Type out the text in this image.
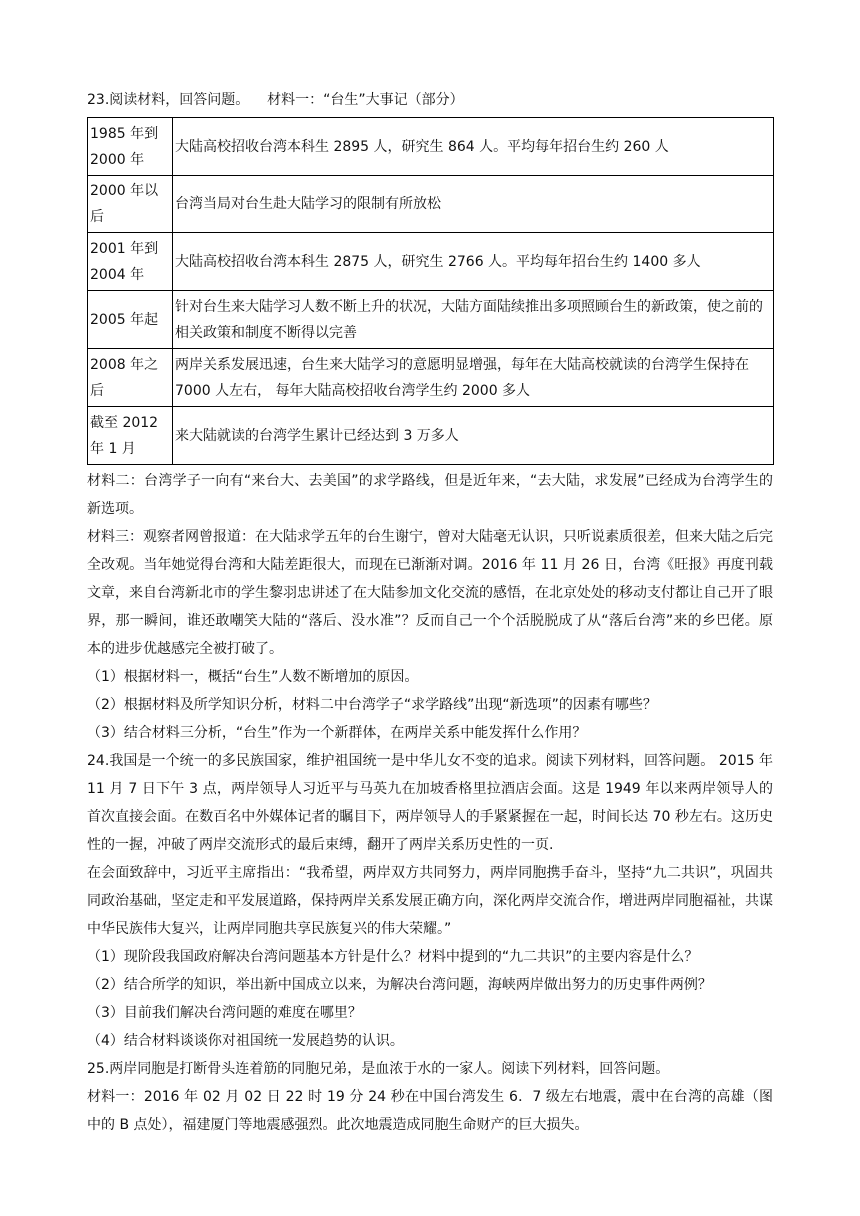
23.阅读材料，回答问题。    材料一：“台生”大事记（部分）
1985 年到 2000 年	大陆高校招收台湾本科生 2895 人，研究生 864 人。平均每年招台生约 260 人
2000 年以后	台湾当局对台生赴大陆学习的限制有所放松
2001 年到 2004 年	大陆高校招收台湾本科生 2875 人，研究生 2766 人。平均每年招台生约 1400 多人
2005 年起	针对台生来大陆学习人数不断上升的状况，大陆方面陆续推出多项照顾台生的新政策，使之前的相关政策和制度不断得以完善
2008 年之后	两岸关系发展迅速，台生来大陆学习的意愿明显增强，每年在大陆高校就读的台湾学生保持在 7000 人左右， 每年大陆高校招收台湾学生约 2000 多人
截至 2012 年 1 月	来大陆就读的台湾学生累计已经达到 3 万多人
材料二：台湾学子一向有“来台大、去美国”的求学路线，但是近年来，“去大陆，求发展”已经成为台湾学生的新选项。
材料三：观察者网曾报道：在大陆求学五年的台生谢宁，曾对大陆毫无认识，只听说素质很差，但来大陆之后完全改观。当年她觉得台湾和大陆差距很大，而现在已渐渐对调。2016 年 11 月 26 日，台湾《旺报》再度刊载文章，来自台湾新北市的学生黎羽忠讲述了在大陆参加文化交流的感悟，在北京处处的移动支付都让自己开了眼界，那一瞬间，谁还敢嘲笑大陆的“落后、没水准”？反而自己一个个活脱脱成了从“落后台湾”来的乡巴佬。原本的进步优越感完全被打破了。
（1）根据材料一，概括“台生”人数不断增加的原因。
（2）根据材料及所学知识分析，材料二中台湾学子“求学路线”出现“新选项”的因素有哪些？
（3）结合材料三分析，“台生”作为一个新群体，在两岸关系中能发挥什么作用？
24.我国是一个统一的多民族国家，维护祖国统一是中华儿女不变的追求。阅读下列材料，回答问题。 2015 年 11 月 7 日下午 3 点，两岸领导人习近平与马英九在加坡香格里拉酒店会面。这是 1949 年以来两岸领导人的首次直接会面。在数百名中外媒体记者的瞩目下，两岸领导人的手紧紧握在一起，时间长达 70 秒左右。这历史性的一握，冲破了两岸交流形式的最后束缚，翻开了两岸关系历史性的一页.
在会面致辞中，习近平主席指出：“我希望，两岸双方共同努力，两岸同胞携手奋斗，坚持“九二共识”，巩固共同政治基础，坚定走和平发展道路，保持两岸关系发展正确方向，深化两岸交流合作，增进两岸同胞福祉，共谋中华民族伟大复兴，让两岸同胞共享民族复兴的伟大荣耀。”
（1）现阶段我国政府解决台湾问题基本方针是什么？材料中提到的“九二共识”的主要内容是什么？
（2）结合所学的知识，举出新中国成立以来，为解决台湾问题，海峡两岸做出努力的历史事件两例？
（3）目前我们解决台湾问题的难度在哪里？
（4）结合材料谈谈你对祖国统一发展趋势的认识。
25.两岸同胞是打断骨头连着筋的同胞兄弟，是血浓于水的一家人。阅读下列材料，回答问题。
材料一：2016 年 02 月 02 日 22 时 19 分 24 秒在中国台湾发生 6．7 级左右地震，震中在台湾的高雄（图中的 B 点处），福建厦门等地震感强烈。此次地震造成同胞生命财产的巨大损失。
